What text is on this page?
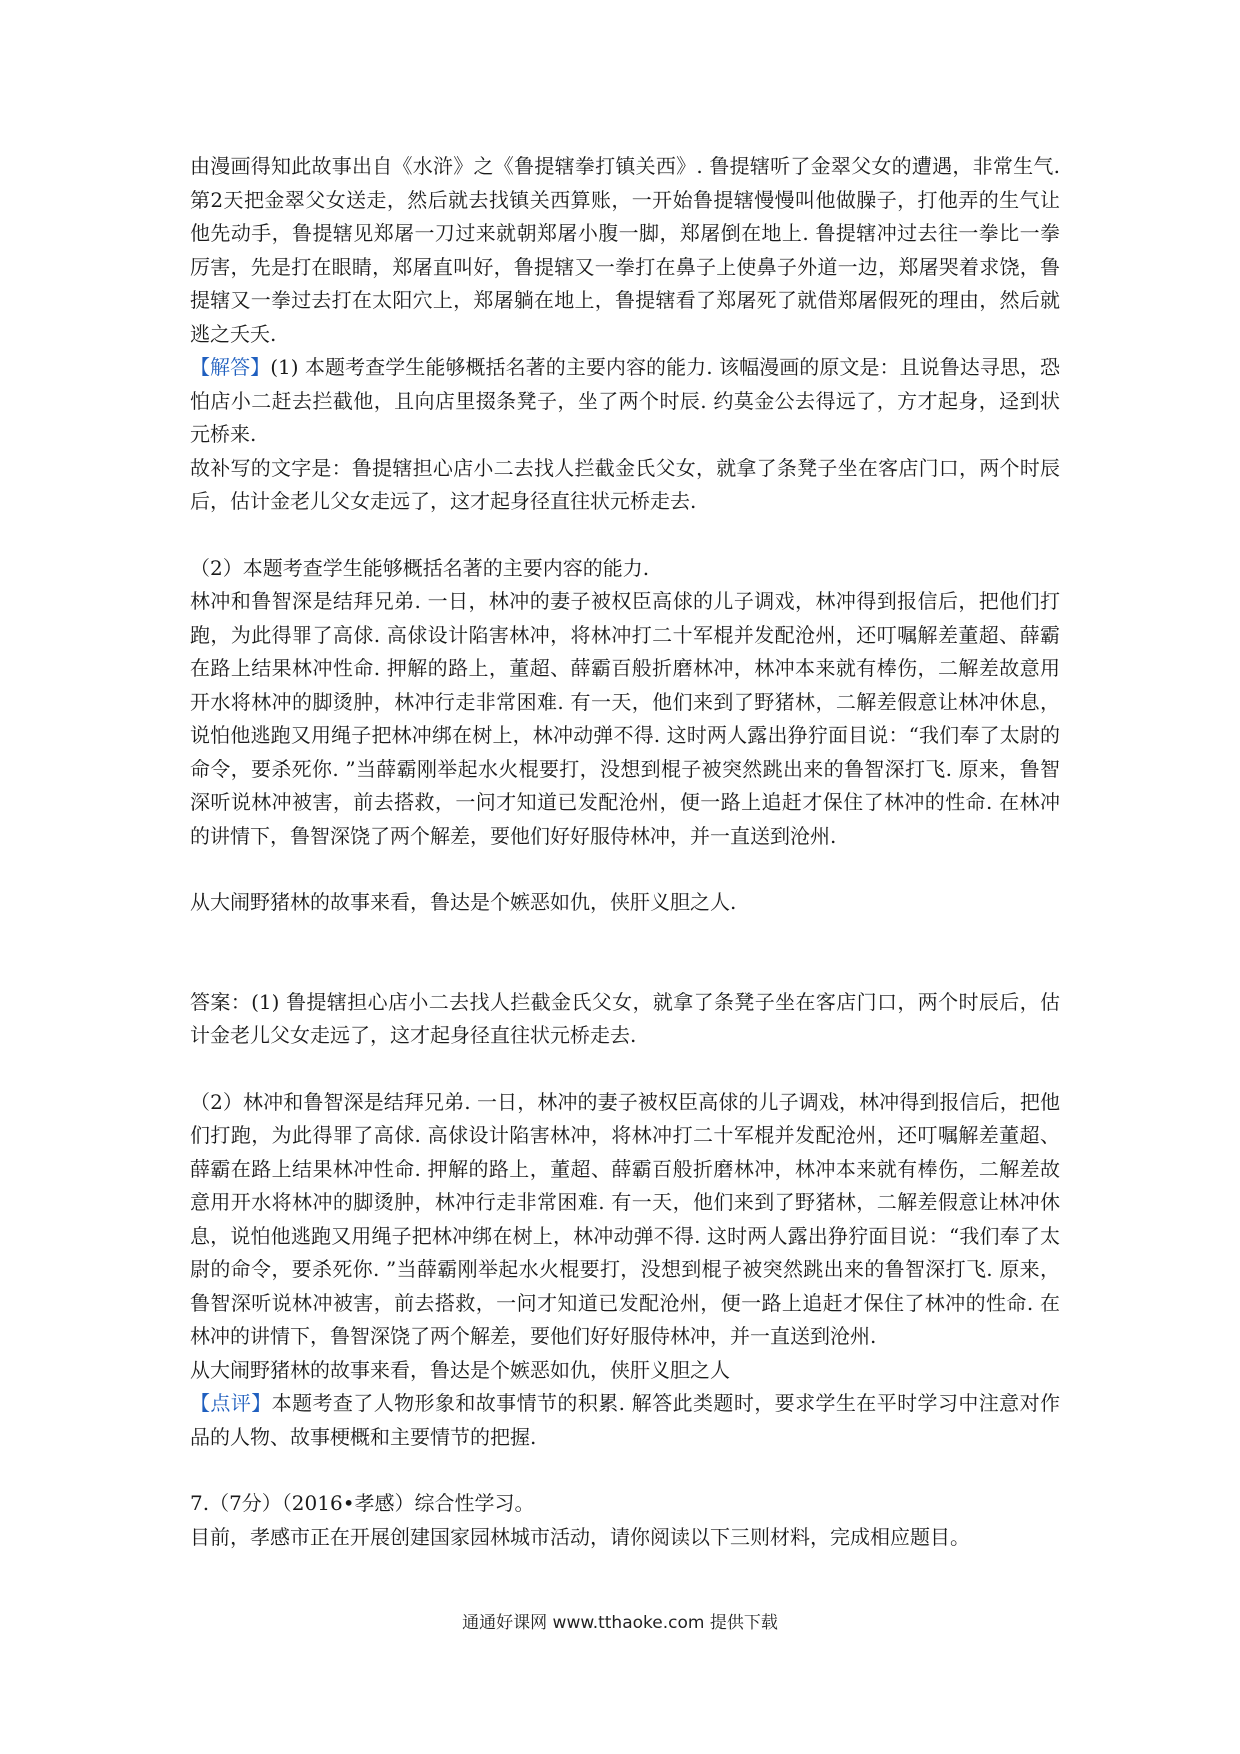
由漫画得知此故事出自《水浒》之《鲁提辖拳打镇关西》. 鲁提辖听了金翠父女的遭遇，非常生气. 第2天把金翠父女送走，然后就去找镇关西算账，一开始鲁提辖慢慢叫他做臊子，打他弄的生气让他先动手，鲁提辖见郑屠一刀过来就朝郑屠小腹一脚，郑屠倒在地上. 鲁提辖冲过去往一拳比一拳厉害，先是打在眼睛，郑屠直叫好，鲁提辖又一拳打在鼻子上使鼻子外道一边，郑屠哭着求饶，鲁提辖又一拳过去打在太阳穴上，郑屠躺在地上，鲁提辖看了郑屠死了就借郑屠假死的理由，然后就逃之夭夭.

【解答】(1) 本题考查学生能够概括名著的主要内容的能力. 该幅漫画的原文是：且说鲁达寻思，恐怕店小二赶去拦截他，且向店里掇条凳子，坐了两个时辰. 约莫金公去得远了，方才起身，迳到状元桥来.

故补写的文字是：鲁提辖担心店小二去找人拦截金氏父女，就拿了条凳子坐在客店门口，两个时辰后，估计金老儿父女走远了，这才起身径直往状元桥走去.

（2）本题考查学生能够概括名著的主要内容的能力.

林冲和鲁智深是结拜兄弟. 一日，林冲的妻子被权臣高俅的儿子调戏，林冲得到报信后，把他们打跑，为此得罪了高俅. 高俅设计陷害林冲，将林冲打二十军棍并发配沧州，还叮嘱解差董超、薛霸在路上结果林冲性命. 押解的路上，董超、薛霸百般折磨林冲，林冲本来就有棒伤，二解差故意用开水将林冲的脚烫肿，林冲行走非常困难. 有一天，他们来到了野猪林，二解差假意让林冲休息，说怕他逃跑又用绳子把林冲绑在树上，林冲动弹不得. 这时两人露出狰狞面目说：“我们奉了太尉的命令，要杀死你. ”当薛霸刚举起水火棍要打，没想到棍子被突然跳出来的鲁智深打飞. 原来，鲁智深听说林冲被害，前去搭救，一问才知道已发配沧州，便一路上追赶才保住了林冲的性命. 在林冲的讲情下，鲁智深饶了两个解差，要他们好好服侍林冲，并一直送到沧州.

从大闹野猪林的故事来看，鲁达是个嫉恶如仇，侠肝义胆之人.

答案：(1) 鲁提辖担心店小二去找人拦截金氏父女，就拿了条凳子坐在客店门口，两个时辰后，估计金老儿父女走远了，这才起身径直往状元桥走去.

（2）林冲和鲁智深是结拜兄弟. 一日，林冲的妻子被权臣高俅的儿子调戏，林冲得到报信后，把他们打跑，为此得罪了高俅. 高俅设计陷害林冲，将林冲打二十军棍并发配沧州，还叮嘱解差董超、薛霸在路上结果林冲性命. 押解的路上，董超、薛霸百般折磨林冲，林冲本来就有棒伤，二解差故意用开水将林冲的脚烫肿，林冲行走非常困难. 有一天，他们来到了野猪林，二解差假意让林冲休息，说怕他逃跑又用绳子把林冲绑在树上，林冲动弹不得. 这时两人露出狰狞面目说：“我们奉了太尉的命令，要杀死你. ”当薛霸刚举起水火棍要打，没想到棍子被突然跳出来的鲁智深打飞. 原来，鲁智深听说林冲被害，前去搭救，一问才知道已发配沧州，便一路上追赶才保住了林冲的性命. 在林冲的讲情下，鲁智深饶了两个解差，要他们好好服侍林冲，并一直送到沧州.

从大闹野猪林的故事来看，鲁达是个嫉恶如仇，侠肝义胆之人

【点评】本题考查了人物形象和故事情节的积累. 解答此类题时，要求学生在平时学习中注意对作品的人物、故事梗概和主要情节的把握.

7.（7分）（2016•孝感）综合性学习。

目前，孝感市正在开展创建国家园林城市活动，请你阅读以下三则材料，完成相应题目。

通通好课网 www.tthaoke.com 提供下载
